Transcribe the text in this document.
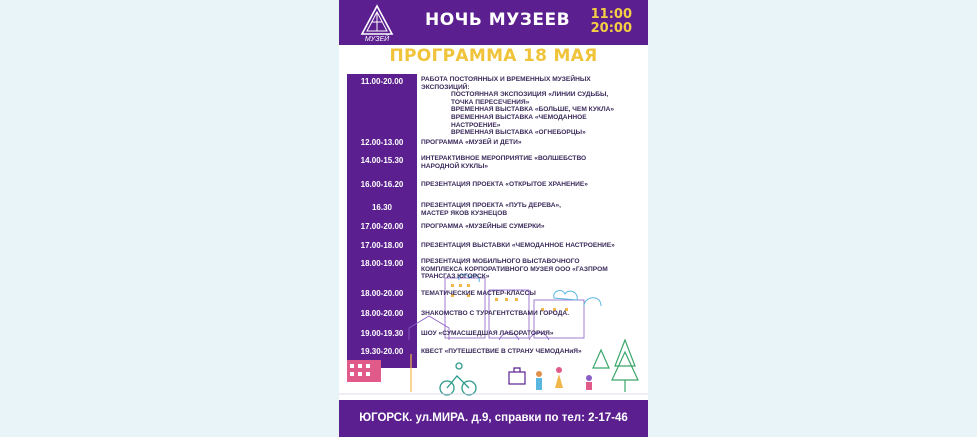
МУЗЕЙ
НОЧЬ МУЗЕЕВ 11:00
20:00
ПРОГРАММА 18 МАЯ
11.00-20.00	РАБОТА ПОСТОЯННЫХ И ВРЕМЕННЫХ МУЗЕЙНЫХ
ЭКСПОЗИЦИЙ:
ПОСТОЯННАЯ ЭКСПОЗИЦИЯ «ЛИНИИ СУДЬБЫ,
ТОЧКА ПЕРЕСЕЧЕНИЯ»
ВРЕМЕННАЯ ВЫСТАВКА «БОЛЬШЕ, ЧЕМ КУКЛА»
ВРЕМЕННАЯ ВЫСТАВКА «ЧЕМОДАННОЕ
НАСТРОЕНИЕ»
ВРЕМЕННАЯ ВЫСТАВКА «ОГНЕБОРЦЫ»
12.00-13.00	ПРОГРАММА «МУЗЕЙ И ДЕТИ»
14.00-15.30	ИНТЕРАКТИВНОЕ МЕРОПРИЯТИЕ «ВОЛШЕБСТВО
НАРОДНОЙ КУКЛЫ»
16.00-16.20	ПРЕЗЕНТАЦИЯ ПРОЕКТА «ОТКРЫТОЕ ХРАНЕНИЕ»
16.30	ПРЕЗЕНТАЦИЯ ПРОЕКТА «ПУТЬ ДЕРЕВА»,
МАСТЕР ЯКОВ КУЗНЕЦОВ
17.00-20.00	ПРОГРАММА «МУЗЕЙНЫЕ СУМЕРКИ»
17.00-18.00	ПРЕЗЕНТАЦИЯ ВЫСТАВКИ «ЧЕМОДАННОЕ НАСТРОЕНИЕ»
18.00-19.00	ПРЕЗЕНТАЦИЯ МОБИЛЬНОГО ВЫСТАВОЧНОГО
КОМПЛЕКСА КОРПОРАТИВНОГО МУЗЕЯ ООО «ГАЗПРОМ
ТРАНСГАЗ ЮГОРСК»
18.00-20.00	ТЕМАТИЧЕСКИЕ МАСТЕР-КЛАССЫ
18.00-20.00	ЗНАКОМСТВО С ТУРАГЕНТСТВАМИ ГОРОДА.
19.00-19.30	ШОУ «СУМАСШЕДШАЯ ЛАБОРАТОРИЯ»
19.30-20.00	КВЕСТ «ПУТЕШЕСТВИЕ В СТРАНУ ЧЕМОДАНиЯ»
ЮГОРСК. ул.МИРА. д.9, справки по тел: 2-17-46
